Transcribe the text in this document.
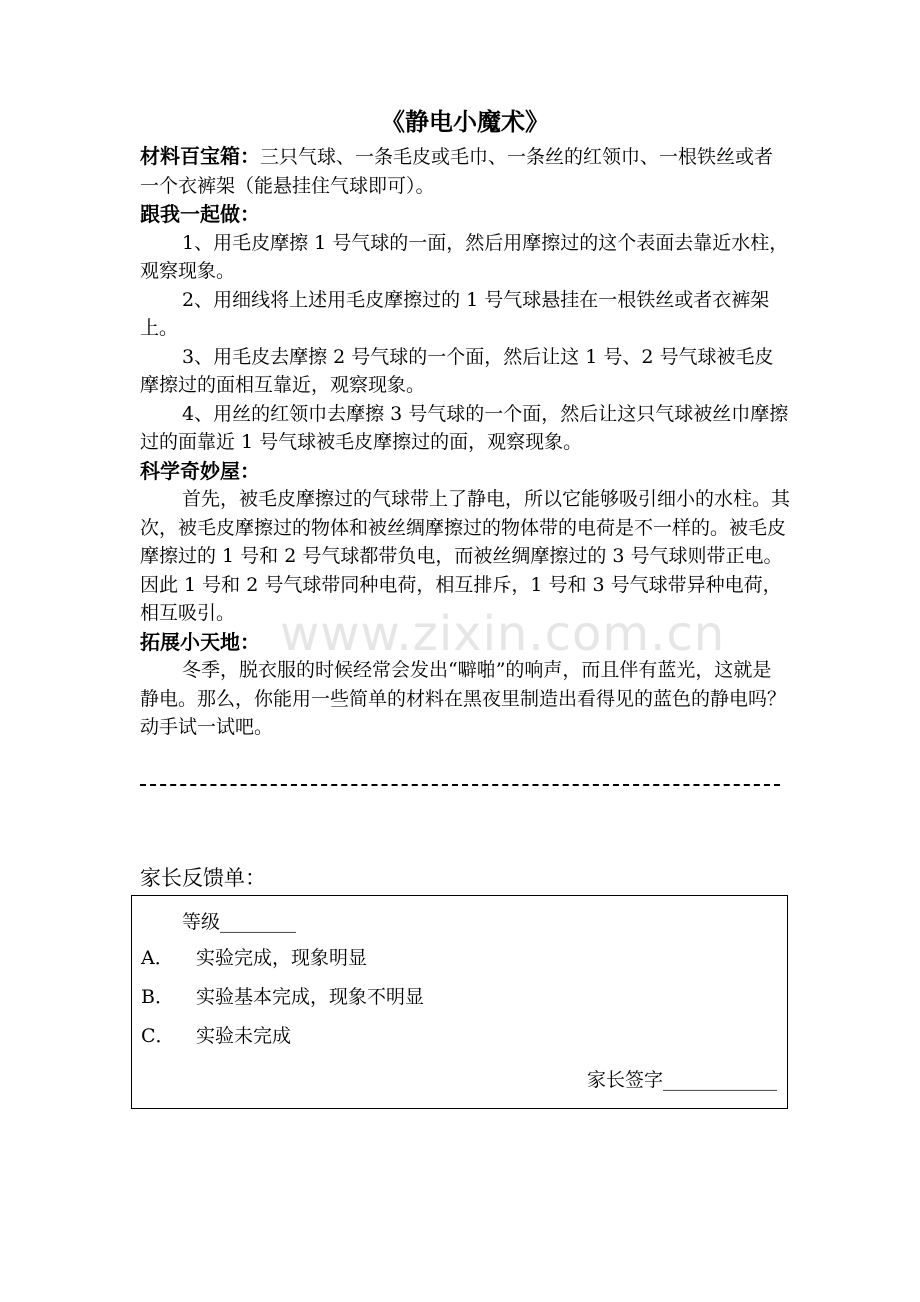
www.zixin.com.cn
《静电小魔术》

材料百宝箱：三只气球、一条毛皮或毛巾、一条丝的红领巾、一根铁丝或者一个衣裤架（能悬挂住气球即可）。

跟我一起做：

1、用毛皮摩擦 1 号气球的一面，然后用摩擦过的这个表面去靠近水柱，观察现象。

2、用细线将上述用毛皮摩擦过的 1 号气球悬挂在一根铁丝或者衣裤架上。

3、用毛皮去摩擦 2 号气球的一个面，然后让这 1 号、2 号气球被毛皮摩擦过的面相互靠近，观察现象。

4、用丝的红领巾去摩擦 3 号气球的一个面，然后让这只气球被丝巾摩擦过的面靠近 1 号气球被毛皮摩擦过的面，观察现象。

科学奇妙屋：

首先，被毛皮摩擦过的气球带上了静电，所以它能够吸引细小的水柱。其次，被毛皮摩擦过的物体和被丝绸摩擦过的物体带的电荷是不一样的。被毛皮摩擦过的 1 号和 2 号气球都带负电，而被丝绸摩擦过的 3 号气球则带正电。因此 1 号和 2 号气球带同种电荷，相互排斥，1 号和 3 号气球带异种电荷，相互吸引。

拓展小天地：

冬季，脱衣服的时候经常会发出“噼啪”的响声，而且伴有蓝光，这就是静电。那么，你能用一些简单的材料在黑夜里制造出看得见的蓝色的静电吗？动手试一试吧。

家长反馈单：
等级________
A． 实验完成，现象明显
B． 实验基本完成，现象不明显
C． 实验未完成
家长签字____________
